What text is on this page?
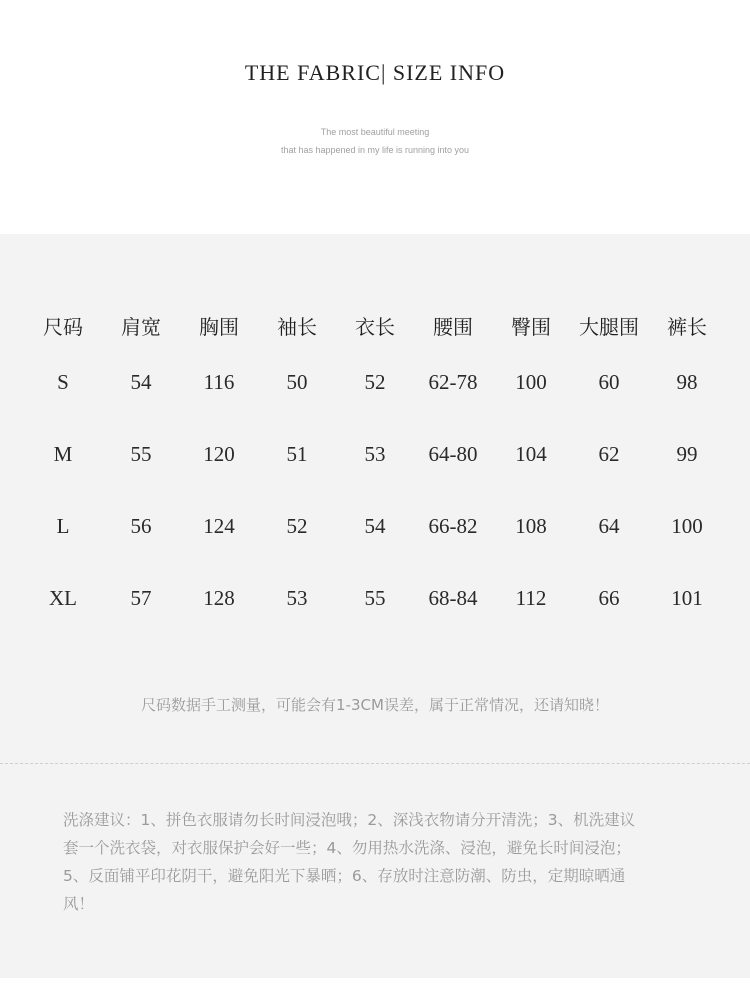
THE FABRIC| SIZE INFO
The most beautiful meeting
that has happened in my life is running into you
尺码	肩宽	胸围	袖长	衣长	腰围	臀围	大腿围	裤长
S	54	116	50	52	62-78	100	60	98
M	55	120	51	53	64-80	104	62	99
L	56	124	52	54	66-82	108	64	100
XL	57	128	53	55	68-84	112	66	101
尺码数据手工测量，可能会有1-3CM误差，属于正常情况，还请知晓！
洗涤建议：1、拼色衣服请勿长时间浸泡哦；2、深浅衣物请分开清洗；3、机洗建议
套一个洗衣袋，对衣服保护会好一些；4、勿用热水洗涤、浸泡，避免长时间浸泡；
5、反面铺平印花阴干，避免阳光下暴晒；6、存放时注意防潮、防虫，定期晾晒通
风！
